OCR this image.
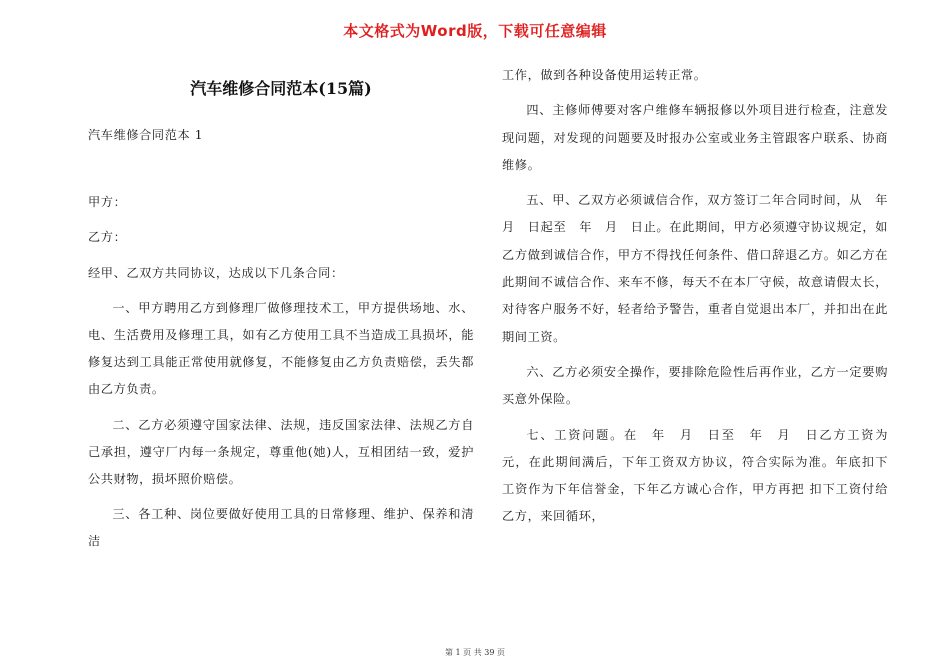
本文格式为Word版，下载可任意编辑
汽车维修合同范本(15篇)

汽车维修合同范本 1

甲方：

乙方：

经甲、乙双方共同协议，达成以下几条合同：

一、甲方聘用乙方到修理厂做修理技术工，甲方提供场地、水、电、生活费用及修理工具，如有乙方使用工具不当造成工具损坏，能修复达到工具能正常使用就修复，不能修复由乙方负责赔偿，丢失都由乙方负责。

二、乙方必须遵守国家法律、法规，违反国家法律、法规乙方自己承担，遵守厂内每一条规定，尊重他(她)人，互相团结一致，爱护公共财物，损坏照价赔偿。

三、各工种、岗位要做好使用工具的日常修理、维护、保养和清洁

工作，做到各种设备使用运转正常。

四、主修师傅要对客户维修车辆报修以外项目进行检查，注意发现问题，对发现的问题要及时报办公室或业务主管跟客户联系、协商维修。

五、甲、乙双方必须诚信合作，双方签订二年合同时间，从　年　月　日起至　年　月　日止。在此期间，甲方必须遵守协议规定，如乙方做到诚信合作，甲方不得找任何条件、借口辞退乙方。如乙方在此期间不诚信合作、来车不修，每天不在本厂守候，故意请假太长，对待客户服务不好，轻者给予警告，重者自觉退出本厂，并扣出在此期间工资。

六、乙方必须安全操作，要排除危险性后再作业，乙方一定要购买意外保险。

七、工资问题。在　年　月　日至　年　月　日乙方工资为　元，在此期间满后，下年工资双方协议，符合实际为准。年底扣下 工资作为下年信誉金，下年乙方诚心合作，甲方再把 扣下工资付给乙方，来回循环，

第 1 页 共 39 页
